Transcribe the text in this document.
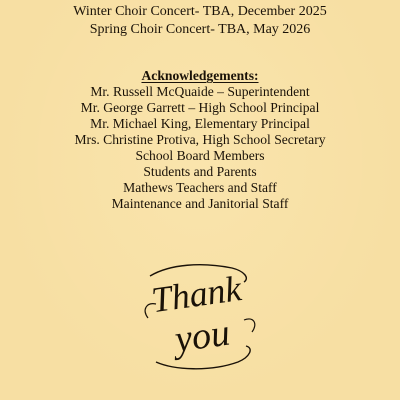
Winter Choir Concert- TBA, December 2025
Spring Choir Concert- TBA, May 2026
Acknowledgements:
Mr. Russell McQuaide – Superintendent
Mr. George Garrett – High School Principal
Mr. Michael King, Elementary Principal
Mrs. Christine Protiva, High School Secretary
School Board Members
Students and Parents
Mathews Teachers and Staff
Maintenance and Janitorial Staff
Thank
you
